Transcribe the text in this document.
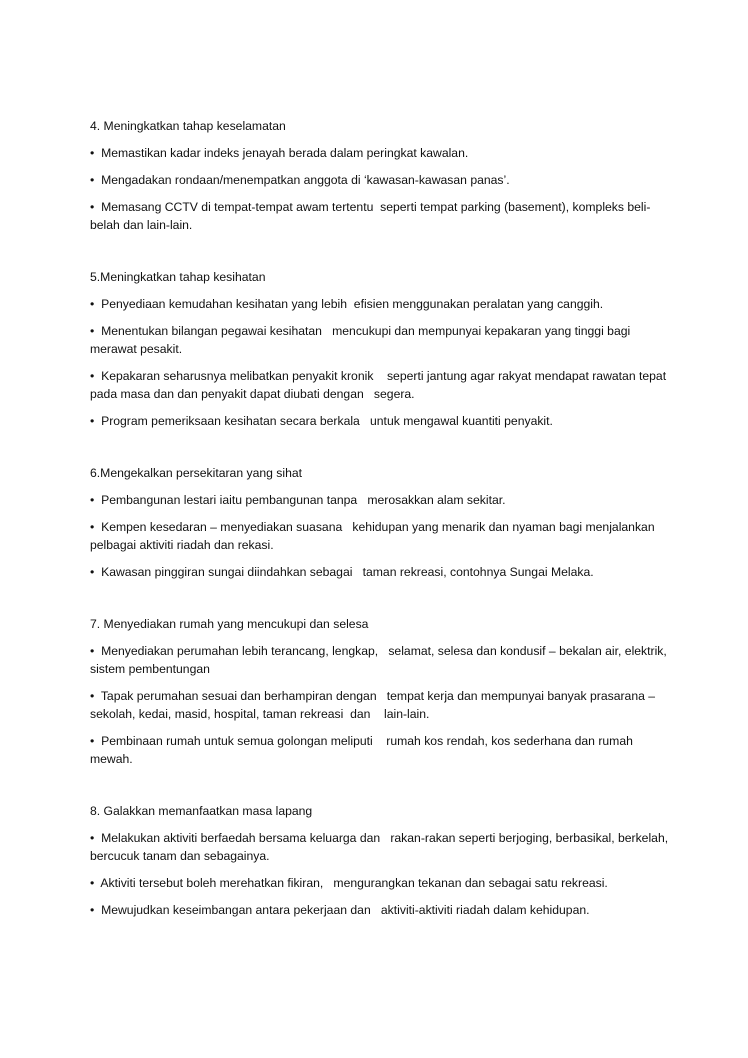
4. Meningkatkan tahap keselamatan

• Memastikan kadar indeks jenayah berada dalam peringkat kawalan.

• Mengadakan rondaan/menempatkan anggota di ‘kawasan-kawasan panas’.

• Memasang CCTV di tempat-tempat awam tertentu  seperti tempat parking (basement), kompleks beli-belah dan lain-lain.

5.Meningkatkan tahap kesihatan

• Penyediaan kemudahan kesihatan yang lebih  efisien menggunakan peralatan yang canggih.

• Menentukan bilangan pegawai kesihatan   mencukupi dan mempunyai kepakaran yang tinggi bagi merawat pesakit.

• Kepakaran seharusnya melibatkan penyakit kronik    seperti jantung agar rakyat mendapat rawatan tepat   pada masa dan dan penyakit dapat diubati dengan   segera.

• Program pemeriksaan kesihatan secara berkala   untuk mengawal kuantiti penyakit.

6.Mengekalkan persekitaran yang sihat

• Pembangunan lestari iaitu pembangunan tanpa   merosakkan alam sekitar.

• Kempen kesedaran – menyediakan suasana   kehidupan yang menarik dan nyaman bagi menjalankan pelbagai aktiviti riadah dan rekasi.

• Kawasan pinggiran sungai diindahkan sebagai   taman rekreasi, contohnya Sungai Melaka.

7. Menyediakan rumah yang mencukupi dan selesa

• Menyediakan perumahan lebih terancang, lengkap,   selamat, selesa dan kondusif – bekalan air, elektrik,   sistem pembentungan

• Tapak perumahan sesuai dan berhampiran dengan   tempat kerja dan mempunyai banyak prasarana –   sekolah, kedai, masid, hospital, taman rekreasi  dan    lain-lain.

• Pembinaan rumah untuk semua golongan meliputi    rumah kos rendah, kos sederhana dan rumah mewah.

8. Galakkan memanfaatkan masa lapang

• Melakukan aktiviti berfaedah bersama keluarga dan   rakan-rakan seperti berjoging, berbasikal, berkelah,   bercucuk tanam dan sebagainya.

• Aktiviti tersebut boleh merehatkan fikiran,   mengurangkan tekanan dan sebagai satu rekreasi.

• Mewujudkan keseimbangan antara pekerjaan dan   aktiviti-aktiviti riadah dalam kehidupan.
